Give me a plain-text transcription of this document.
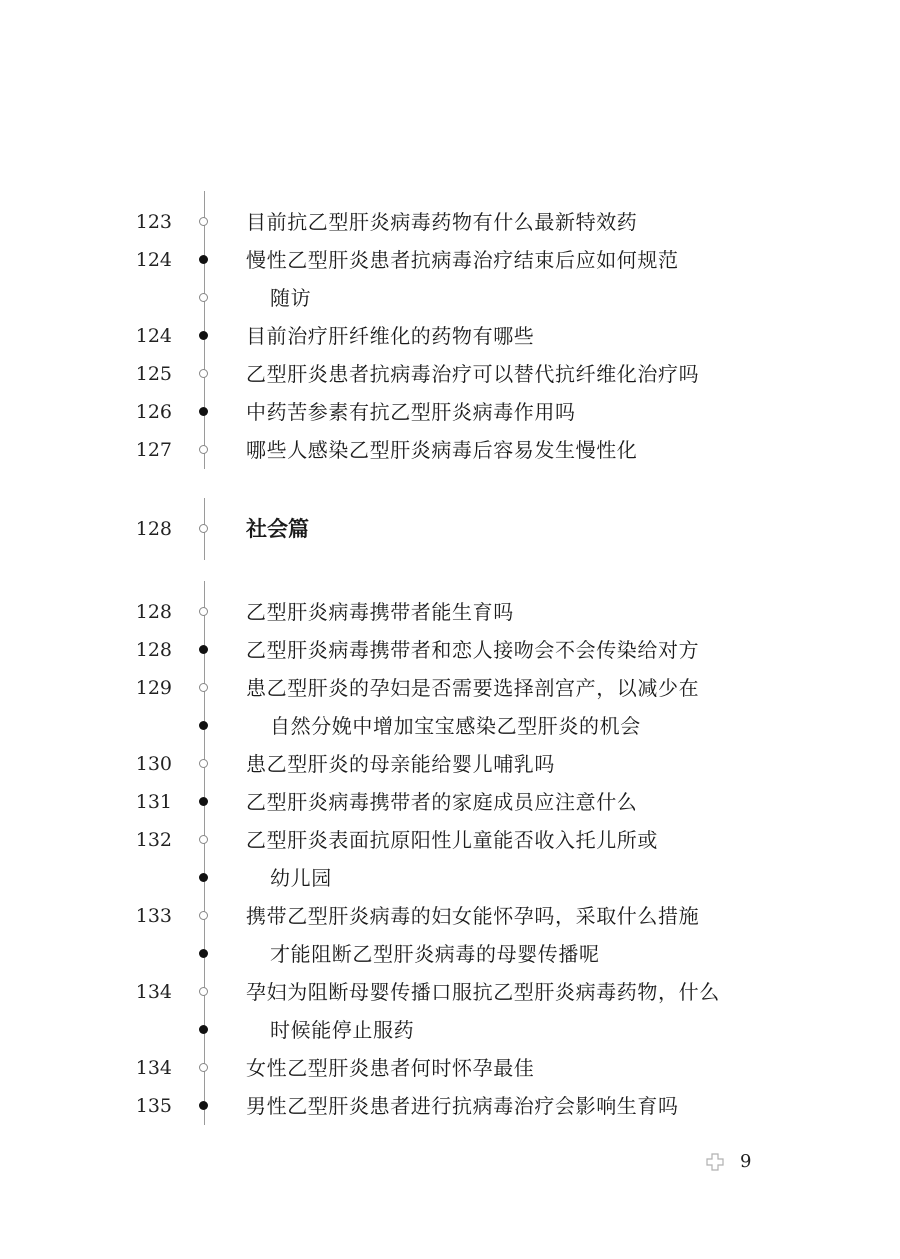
123	目前抗乙型肝炎病毒药物有什么最新特效药
124	慢性乙型肝炎患者抗病毒治疗结束后应如何规范
随访
124	目前治疗肝纤维化的药物有哪些
125	乙型肝炎患者抗病毒治疗可以替代抗纤维化治疗吗
126	中药苦参素有抗乙型肝炎病毒作用吗
127	哪些人感染乙型肝炎病毒后容易发生慢性化
128	社会篇
128	乙型肝炎病毒携带者能生育吗
128	乙型肝炎病毒携带者和恋人接吻会不会传染给对方
129	患乙型肝炎的孕妇是否需要选择剖宫产，以减少在
自然分娩中增加宝宝感染乙型肝炎的机会
130	患乙型肝炎的母亲能给婴儿哺乳吗
131	乙型肝炎病毒携带者的家庭成员应注意什么
132	乙型肝炎表面抗原阳性儿童能否收入托儿所或
幼儿园
133	携带乙型肝炎病毒的妇女能怀孕吗，采取什么措施
才能阻断乙型肝炎病毒的母婴传播呢
134	孕妇为阻断母婴传播口服抗乙型肝炎病毒药物，什么
时候能停止服药
134	女性乙型肝炎患者何时怀孕最佳
135	男性乙型肝炎患者进行抗病毒治疗会影响生育吗
9
